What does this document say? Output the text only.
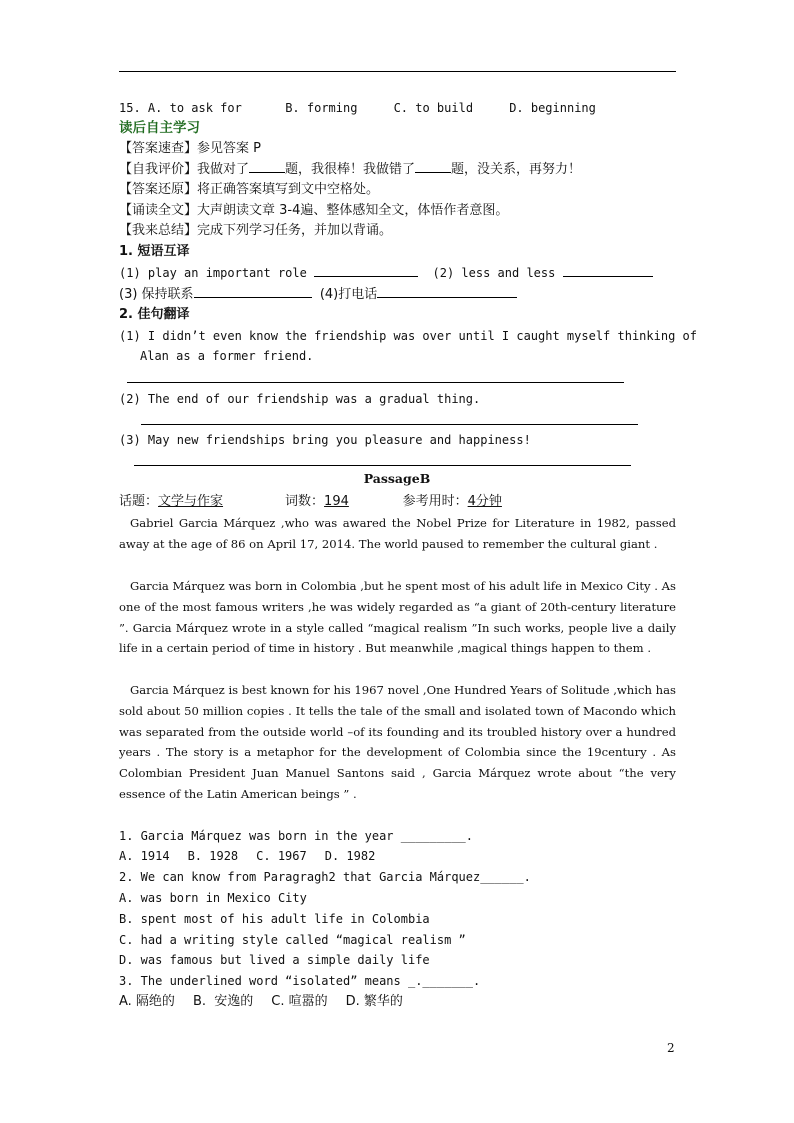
15. A. to ask for	B. forming	C. to build	D. beginning
读后自主学习
【答案速查】参见答案 P
【自我评价】我做对了	题，我很棒！我做错了	题，没关系，再努力！
【答案还原】将正确答案填写到文中空格处。
【诵读全文】大声朗读文章 3-4遍、整体感知全文，体悟作者意图。
【我来总结】完成下列学习任务，并加以背诵。
1. 短语互译
(1) play an important role	(2) less and less
(3) 保持联系	(4)打电话
2. 佳句翻译
(1) I didn’t even know the friendship was over until I caught myself thinking of
Alan as a former friend.
(2) The end of our friendship was a gradual thing.
(3) May new friendships bring you pleasure and happiness!
PassageB
话题：文学与作家	词数：194	参考用时：4分钟
Gabriel Garcia Márquez ,who was awared the Nobel Prize for Literature in 1982, passed away at the age of 86 on April 17, 2014. The world paused to remember the cultural giant .
Garcia Márquez was born in Colombia ,but he spent most of his adult life in Mexico City . As one of the most famous writers ,he was widely regarded as “a giant of 20th-century literature ”. Garcia Márquez wrote in a style called “magical realism ”In such works, people live a daily life in a certain period of time in history . But meanwhile ,magical things happen to them .
Garcia Márquez is best known for his 1967 novel ,One Hundred Years of Solitude ,which has sold about 50 million copies . It tells the tale of the small and isolated town of Macondo which was separated from the outside world –of its founding and its troubled history over a hundred years . The story is a metaphor for the development of Colombia since the 19century . As Colombian President Juan Manuel Santons said , Garcia Márquez wrote about “the very essence of the Latin American beings ” .
1. Garcia Márquez was born in the year _________.
A. 1914 B. 1928 C. 1967 D. 1982
2. We can know from Paragragh2 that Garcia Márquez______.
A. was born in Mexico City
B. spent most of his adult life in Colombia
C. had a writing style called “magical realism ”
D. was famous but lived a simple daily life
3. The underlined word “isolated” means _._______.
A. 隔绝的 B.  安逸的 C. 喧嚣的 D. 繁华的
2
